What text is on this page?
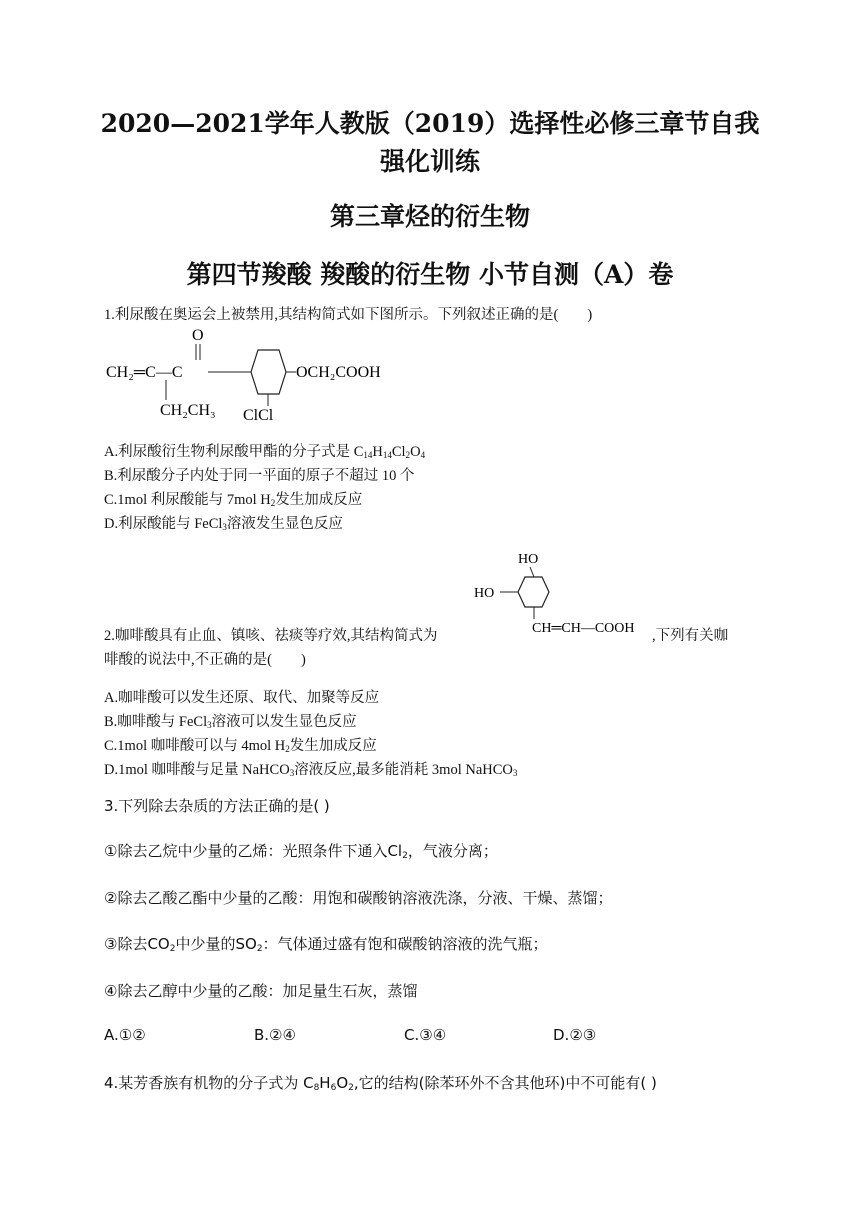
2020—2021学年人教版（2019）选择性必修三章节自我
强化训练
第三章烃的衍生物
第四节羧酸 羧酸的衍生物 小节自测（A）卷
1.利尿酸在奥运会上被禁用,其结构简式如下图所示。下列叙述正确的是(　　)
O
CH₂═C—C	OCH₂COOH
CH₂CH₃ ClCl
A.利尿酸衍生物利尿酸甲酯的分子式是 $C_{14}H_{14}Cl_2O_4$
B.利尿酸分子内处于同一平面的原子不超过 10 个
C.1mol 利尿酸能与 7mol $H_2$发生加成反应
D.利尿酸能与 FeCl$_3$溶液发生显色反应
HO
HO
CH═CH—COOH
2.咖啡酸具有止血、镇咳、祛痰等疗效,其结构简式为	,下列有关咖
啡酸的说法中,不正确的是(　　)
A.咖啡酸可以发生还原、取代、加聚等反应
B.咖啡酸与 FeCl$_3$溶液可以发生显色反应
C.1mol 咖啡酸可以与 4mol $H_2$发生加成反应
D.1mol 咖啡酸与足量 NaHCO$_3$溶液反应,最多能消耗 3mol NaHCO$_3$
3.下列除去杂质的方法正确的是( )
①除去乙烷中少量的乙烯：光照条件下通入$Cl_2$，气液分离；
②除去乙酸乙酯中少量的乙酸：用饱和碳酸钠溶液洗涤，分液、干燥、蒸馏；
③除去$CO_2$中少量的$SO_2$：气体通过盛有饱和碳酸钠溶液的洗气瓶；
④除去乙醇中少量的乙酸：加足量生石灰，蒸馏
A.①②	B.②④	C.③④	D.②③
4.某芳香族有机物的分子式为 $C_8H_6O_2$,它的结构(除苯环外不含其他环)中不可能有( )
